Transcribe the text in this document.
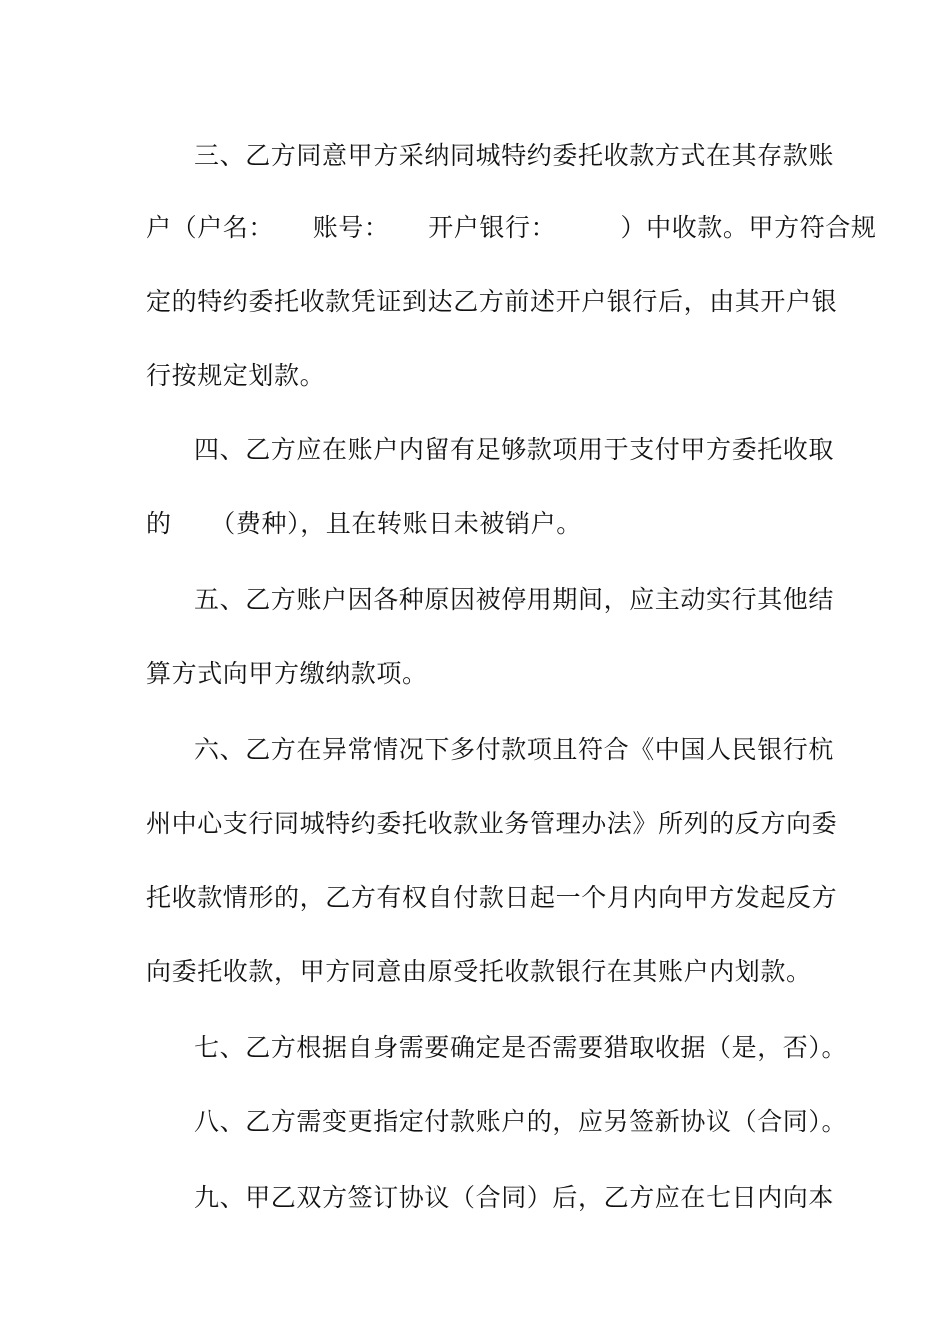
三、乙方同意甲方采纳同城特约委托收款方式在其存款账
户（户名：　　账号：　　开户银行：　　　）中收款。甲方符合规
定的特约委托收款凭证到达乙方前述开户银行后，由其开户银
行按规定划款。
四、乙方应在账户内留有足够款项用于支付甲方委托收取
的　　（费种），且在转账日未被销户。
五、乙方账户因各种原因被停用期间，应主动实行其他结
算方式向甲方缴纳款项。
六、乙方在异常情况下多付款项且符合《中国人民银行杭
州中心支行同城特约委托收款业务管理办法》所列的反方向委
托收款情形的，乙方有权自付款日起一个月内向甲方发起反方
向委托收款，甲方同意由原受托收款银行在其账户内划款。
七、乙方根据自身需要确定是否需要猎取收据（是，否）。
八、乙方需变更指定付款账户的，应另签新协议（合同）。
九、甲乙双方签订协议（合同）后，乙方应在七日内向本
